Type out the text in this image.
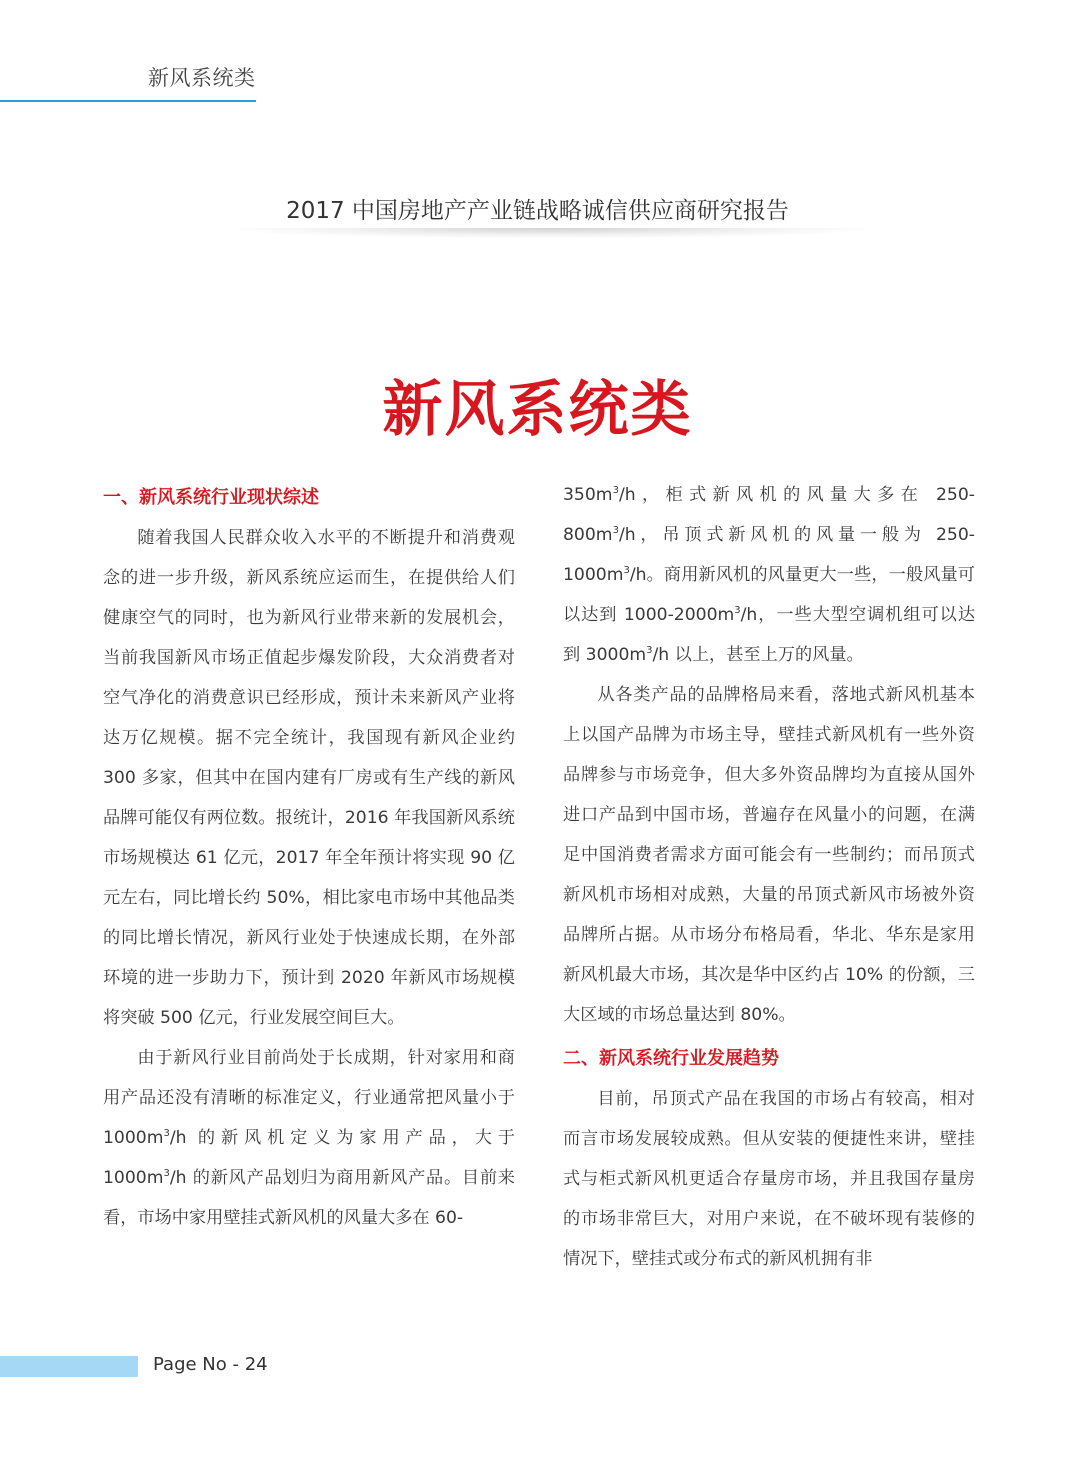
新风系统类
2017 中国房地产产业链战略诚信供应商研究报告
新风系统类
一、新风系统行业现状综述

随着我国人民群众收入水平的不断提升和消费观念的进一步升级，新风系统应运而生，在提供给人们健康空气的同时，也为新风行业带来新的发展机会，当前我国新风市场正值起步爆发阶段，大众消费者对空气净化的消费意识已经形成，预计未来新风产业将达万亿规模。据不完全统计，我国现有新风企业约 300 多家，但其中在国内建有厂房或有生产线的新风品牌可能仅有两位数。报统计，2016 年我国新风系统市场规模达 61 亿元，2017 年全年预计将实现 90 亿元左右，同比增长约 50%，相比家电市场中其他品类的同比增长情况，新风行业处于快速成长期，在外部环境的进一步助力下，预计到 2020 年新风市场规模将突破 500 亿元，行业发展空间巨大。

由于新风行业目前尚处于长成期，针对家用和商用产品还没有清晰的标准定义，行业通常把风量小于 $1000m^3/h$ 的新风机定义为家用产品，大于 $1000m^3/h$ 的新风产品划归为商用新风产品。目前来看，市场中家用壁挂式新风机的风量大多在 60-

$350m^3/h$，柜式新风机的风量大多在 $250-800m^3/h$，吊顶式新风机的风量一般为 $250-1000m^3/h$。商用新风机的风量更大一些，一般风量可以达到 $1000-2000m^3/h$，一些大型空调机组可以达到 $3000m^3/h$ 以上，甚至上万的风量。

从各类产品的品牌格局来看，落地式新风机基本上以国产品牌为市场主导，壁挂式新风机有一些外资品牌参与市场竞争，但大多外资品牌均为直接从国外进口产品到中国市场，普遍存在风量小的问题，在满足中国消费者需求方面可能会有一些制约；而吊顶式新风机市场相对成熟，大量的吊顶式新风市场被外资品牌所占据。从市场分布格局看，华北、华东是家用新风机最大市场，其次是华中区约占 10% 的份额，三大区域的市场总量达到 80%。

二、新风系统行业发展趋势

目前，吊顶式产品在我国的市场占有较高，相对而言市场发展较成熟。但从安装的便捷性来讲，壁挂式与柜式新风机更适合存量房市场，并且我国存量房的市场非常巨大，对用户来说，在不破坏现有装修的情况下，壁挂式或分布式的新风机拥有非

Page No - 24
